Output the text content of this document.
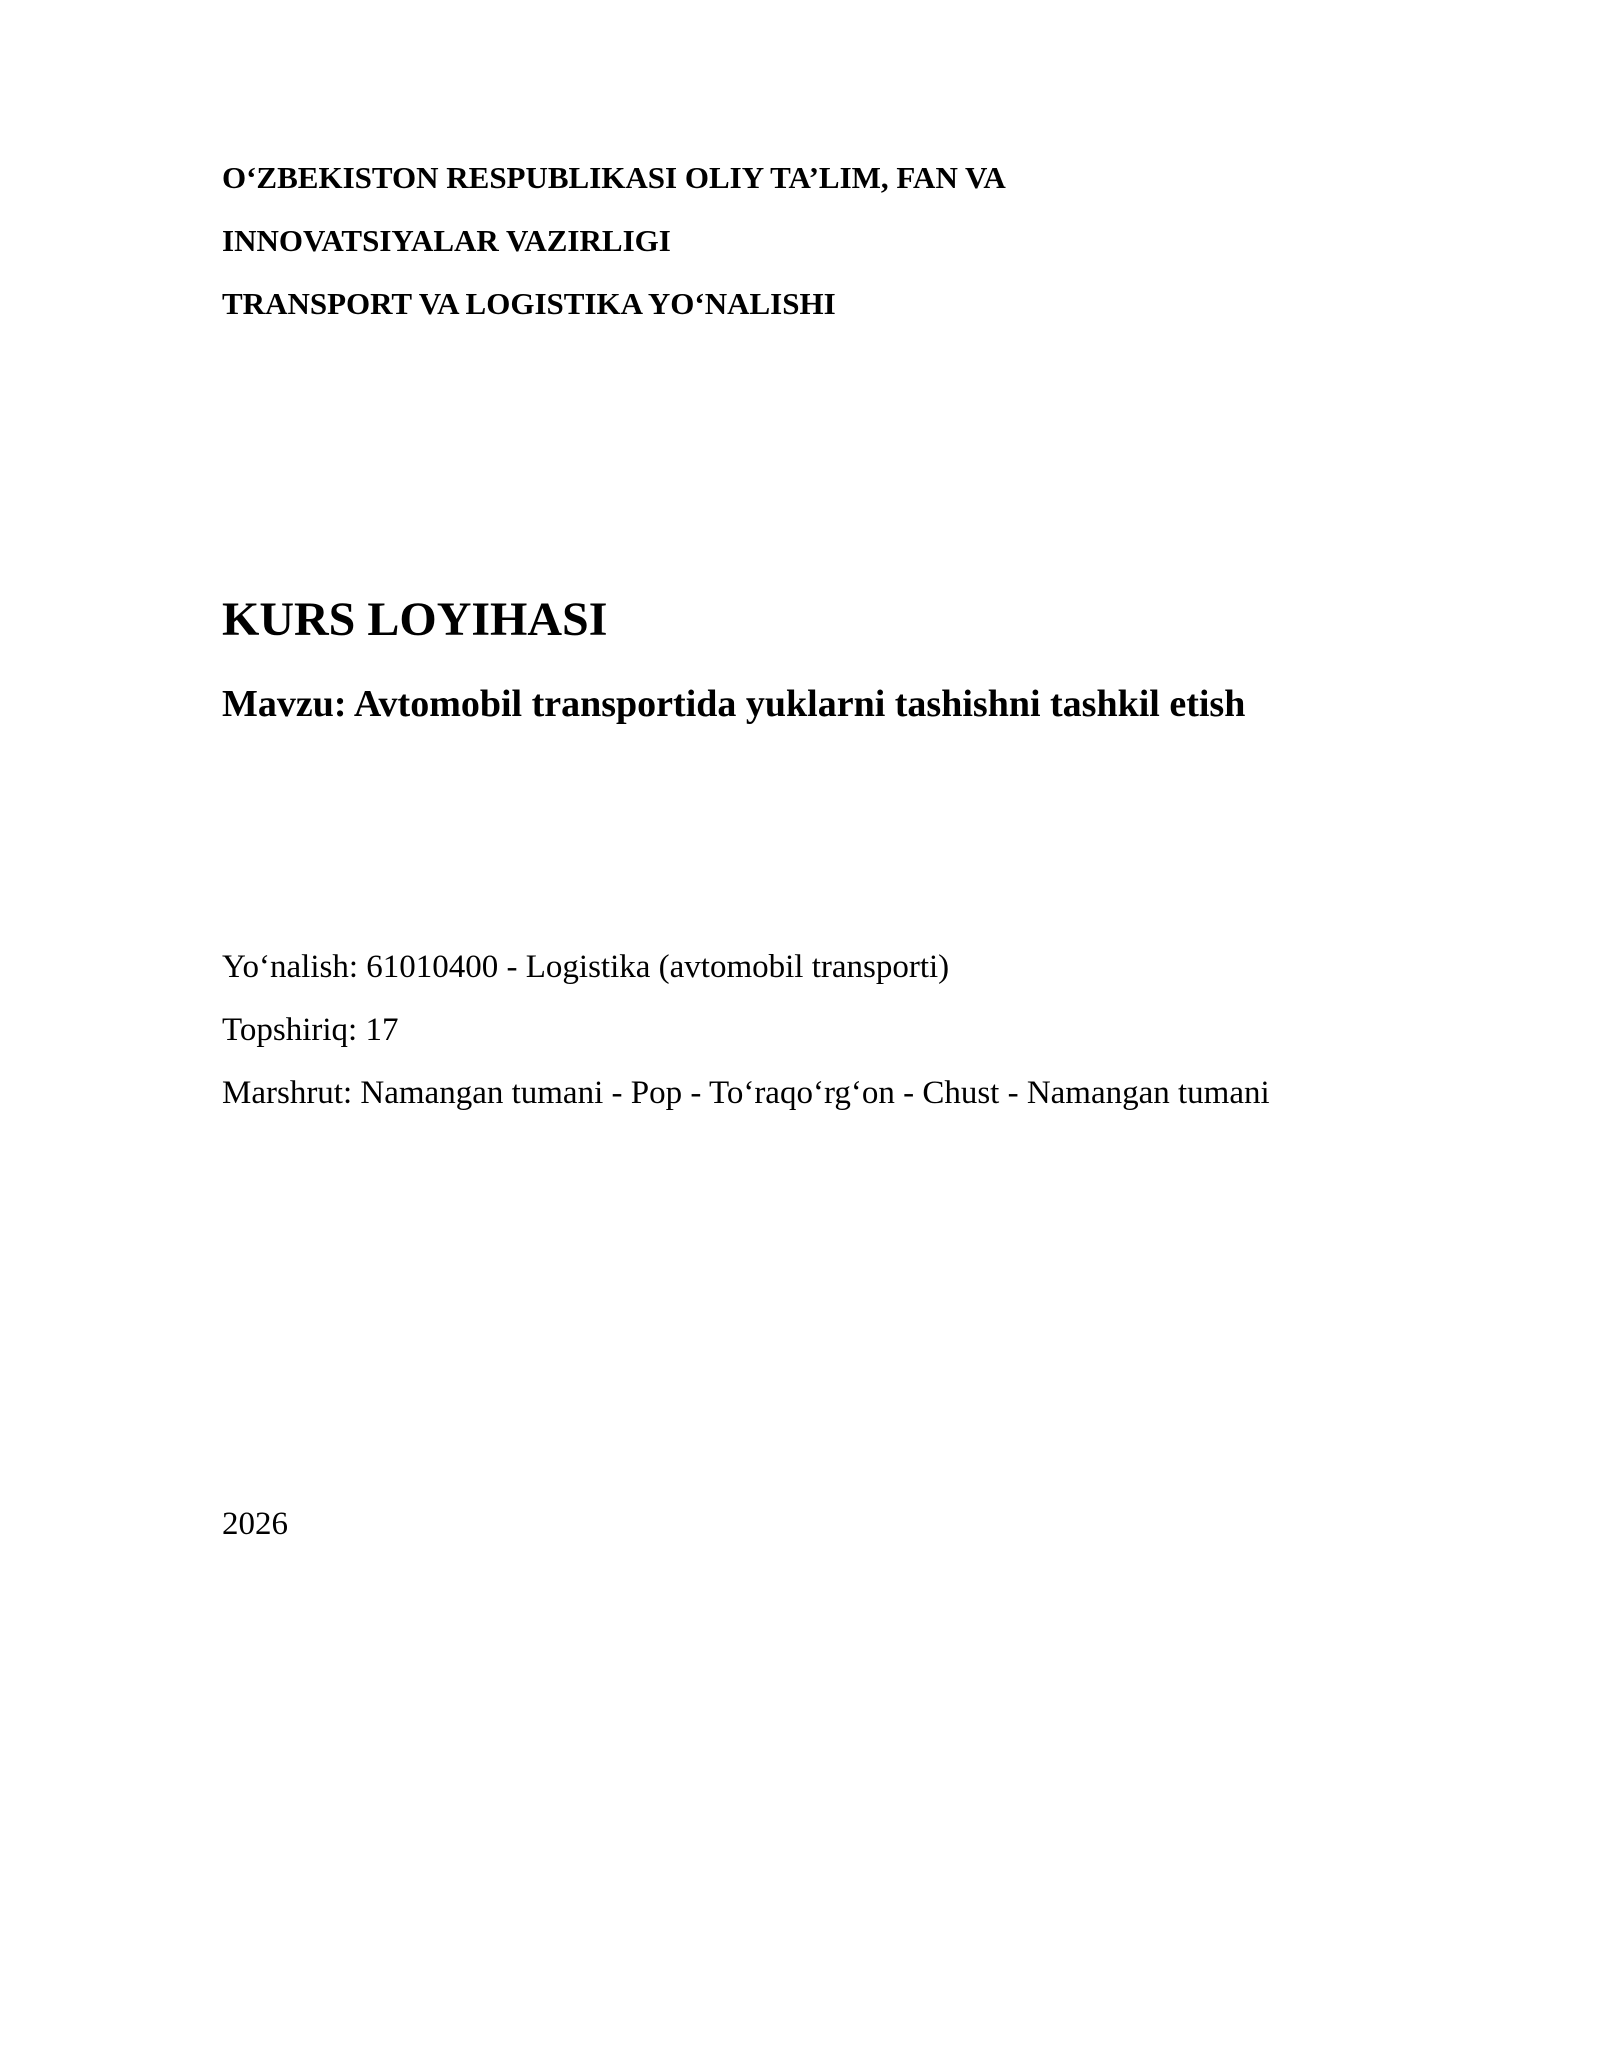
O‘ZBEKISTON RESPUBLIKASI OLIY TA’LIM, FAN VA

INNOVATSIYALAR VAZIRLIGI

TRANSPORT VA LOGISTIKA YO‘NALISHI

KURS LOYIHASI
Mavzu: Avtomobil transportida yuklarni tashishni tashkil etish

Yo‘nalish: 61010400 - Logistika (avtomobil transporti)

Topshiriq: 17

Marshrut: Namangan tumani - Pop - To‘raqo‘rg‘on - Chust - Namangan tumani

2026
